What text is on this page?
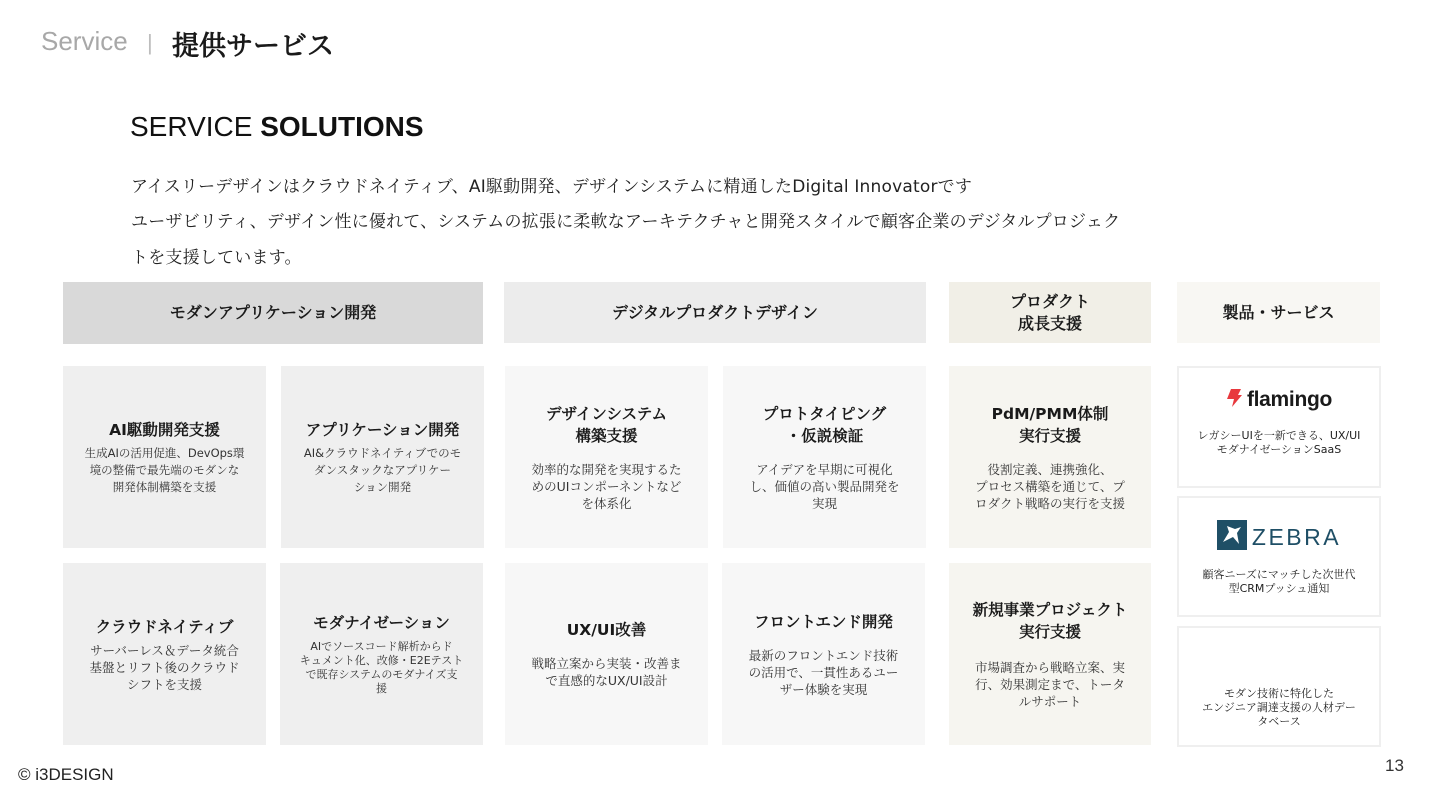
Service | 提供サービス
SERVICE SOLUTIONS
アイスリーデザインはクラウドネイティブ、AI駆動開発、デザインシステムに精通したDigital Innovatorです
ユーザビリティ、デザイン性に優れて、システムの拡張に柔軟なアーキテクチャと開発スタイルで顧客企業のデジタルプロジェク
トを支援しています。
モダンアプリケーション開発	デジタルプロダクトデザイン
プロダクト
成長支援
製品・サービス
AI駆動開発支援
生成AIの活用促進、DevOps環
境の整備で最先端のモダンな
開発体制構築を支援
アプリケーション開発
AI&クラウドネイティブでのモ
ダンスタックなアプリケー
ション開発
デザインシステム
構築支援
効率的な開発を実現するた
めのUIコンポーネントなど
を体系化
プロトタイピング
・仮説検証
アイデアを早期に可視化
し、価値の高い製品開発を
実現
PdM/PMM体制
実行支援
役割定義、連携強化、
プロセス構築を通じて、プ
ロダクト戦略の実行を支援
クラウドネイティブ
サーバーレス＆データ統合
基盤とリフト後のクラウド
シフトを支援
モダナイゼーション
AIでソースコード解析からド
キュメント化、改修・E2Eテスト
で既存システムのモダナイズ支
援
UX/UI改善
戦略立案から実装・改善ま
で直感的なUX/UI設計
フロントエンド開発
最新のフロントエンド技術
の活用で、一貫性あるユー
ザー体験を実現
新規事業プロジェクト
実行支援
市場調査から戦略立案、実
行、効果測定まで、トータ
ルサポート
flamingo
レガシーUIを一新できる、UX/UI
モダナイゼーションSaaS
ZEBRA
顧客ニーズにマッチした次世代
型CRMプッシュ通知
モダン技術に特化した
エンジニア調達支援の人材デー
タベース
© i3DESIGN	13
